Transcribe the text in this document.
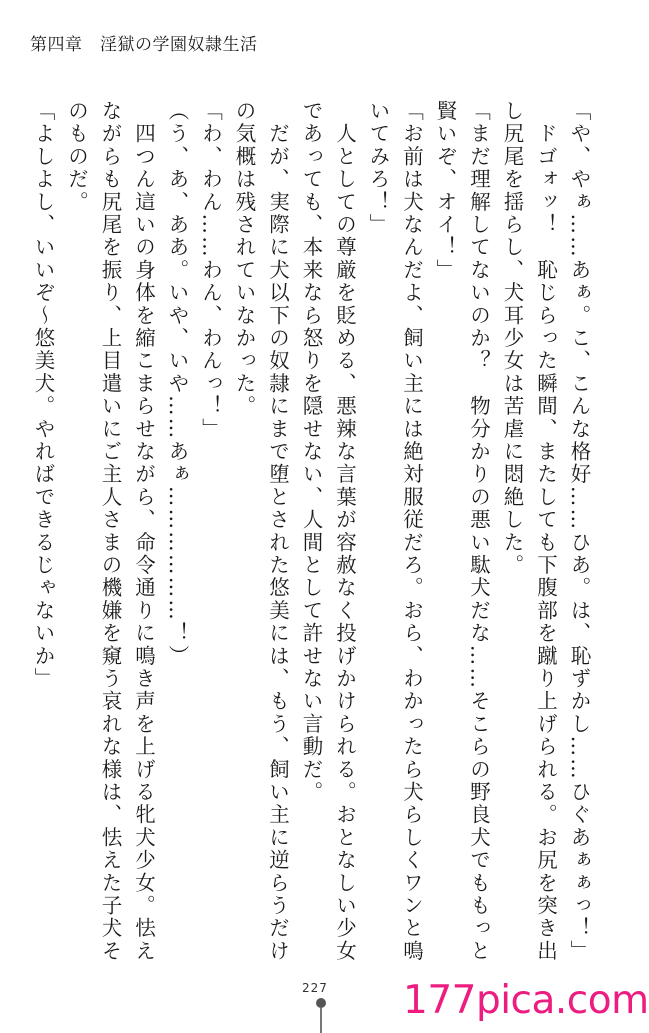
第四章　淫獄の学園奴隷生活

「や、やぁ……あぁ。こ、こんな格好……ひあ。は、恥ずかし……ひぐあぁぁっ！」

　ドゴォッ！　恥じらった瞬間、またしても下腹部を蹴り上げられる。お尻を突き出し尻尾を揺らし、犬耳少女は苦虐に悶絶した。

「まだ理解してないのか？　物分かりの悪い駄犬だな……そこらの野良犬でももっと賢いぞ、オイ！」

「お前は犬なんだよ、飼い主には絶対服従だろ。おら、わかったら犬らしくワンと鳴いてみろ！」

　人としての尊厳を貶める、悪辣な言葉が容赦なく投げかけられる。おとなしい少女であっても、本来なら怒りを隠せない、人間として許せない言動だ。

　だが、実際に犬以下の奴隷にまで堕とされた悠美には、もう、飼い主に逆らうだけの気概は残されていなかった。

「わ、わん……わん、わんっ！」

（う、あ、ああ。いや、いや……あぁ………………！）

　四つん這いの身体を縮こまらせながら、命令通りに鳴き声を上げる牝犬少女。怯えながらも尻尾を振り、上目遣いにご主人さまの機嫌を窺う哀れな様は、怯えた子犬そのものだ。

「よしよし、いいぞ〜悠美犬。やればできるじゃないか」

227 177pica.com
